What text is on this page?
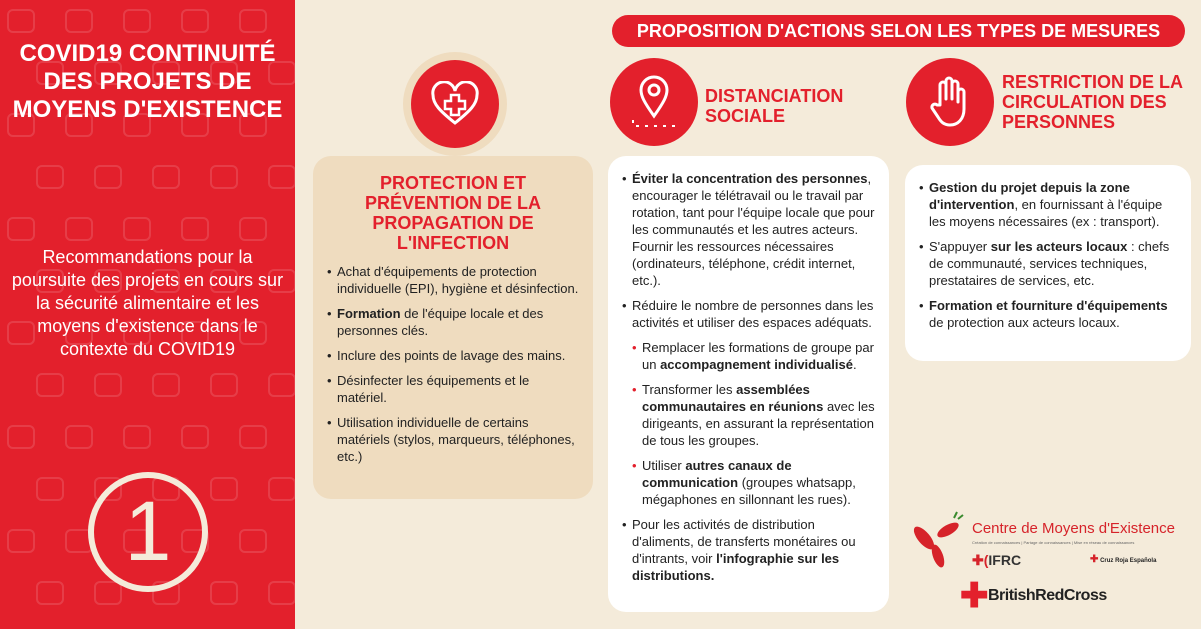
COVID19 CONTINUITÉ DES PROJETS DE MOYENS D'EXISTENCE
Recommandations pour la poursuite des projets en cours sur la sécurité alimentaire et les moyens d'existence dans le contexte du COVID19
1
PROPOSITION D'ACTIONS SELON LES TYPES DE MESURES
DISTANCIATION SOCIALE
RESTRICTION DE LA CIRCULATION DES PERSONNES
PROTECTION ET PRÉVENTION DE LA PROPAGATION DE L'INFECTION
• Achat d'équipements de protection individuelle (EPI), hygiène et désinfection.
• Formation de l'équipe locale et des personnes clés.
• Inclure des points de lavage des mains.
• Désinfecter les équipements et le matériel.
• Utilisation individuelle de certains matériels (stylos, marqueurs, téléphones, etc.)
• Éviter la concentration des personnes, encourager le télétravail ou le travail par rotation, tant pour l'équipe locale que pour les communautés et les autres acteurs. Fournir les ressources nécessaires (ordinateurs, téléphone, crédit internet, etc.).
• Réduire le nombre de personnes dans les activités et utiliser des espaces adéquats.
• Remplacer les formations de groupe par un accompagnement individualisé.
• Transformer les assemblées communautaires en réunions avec les dirigeants, en assurant la représentation de tous les groupes.
• Utiliser autres canaux de communication (groupes whatsapp, mégaphones en sillonnant les rues).
• Pour les activités de distribution d'aliments, de transferts monétaires ou d'intrants, voir l'infographie sur les distributions.
• Gestion du projet depuis la zone d'intervention, en fournissant à l'équipe les moyens nécessaires (ex : transport).
• S'appuyer sur les acteurs locaux : chefs de communauté, services techniques, prestataires de services, etc.
• Formation et fourniture d'équipements de protection aux acteurs locaux.
Centre de Moyens d'Existence
Création de connaissances | Partage de connaissances | Mise en réseau de connaissances
✚(IFRC	✚ Cruz Roja Española
✚BritishRedCross
